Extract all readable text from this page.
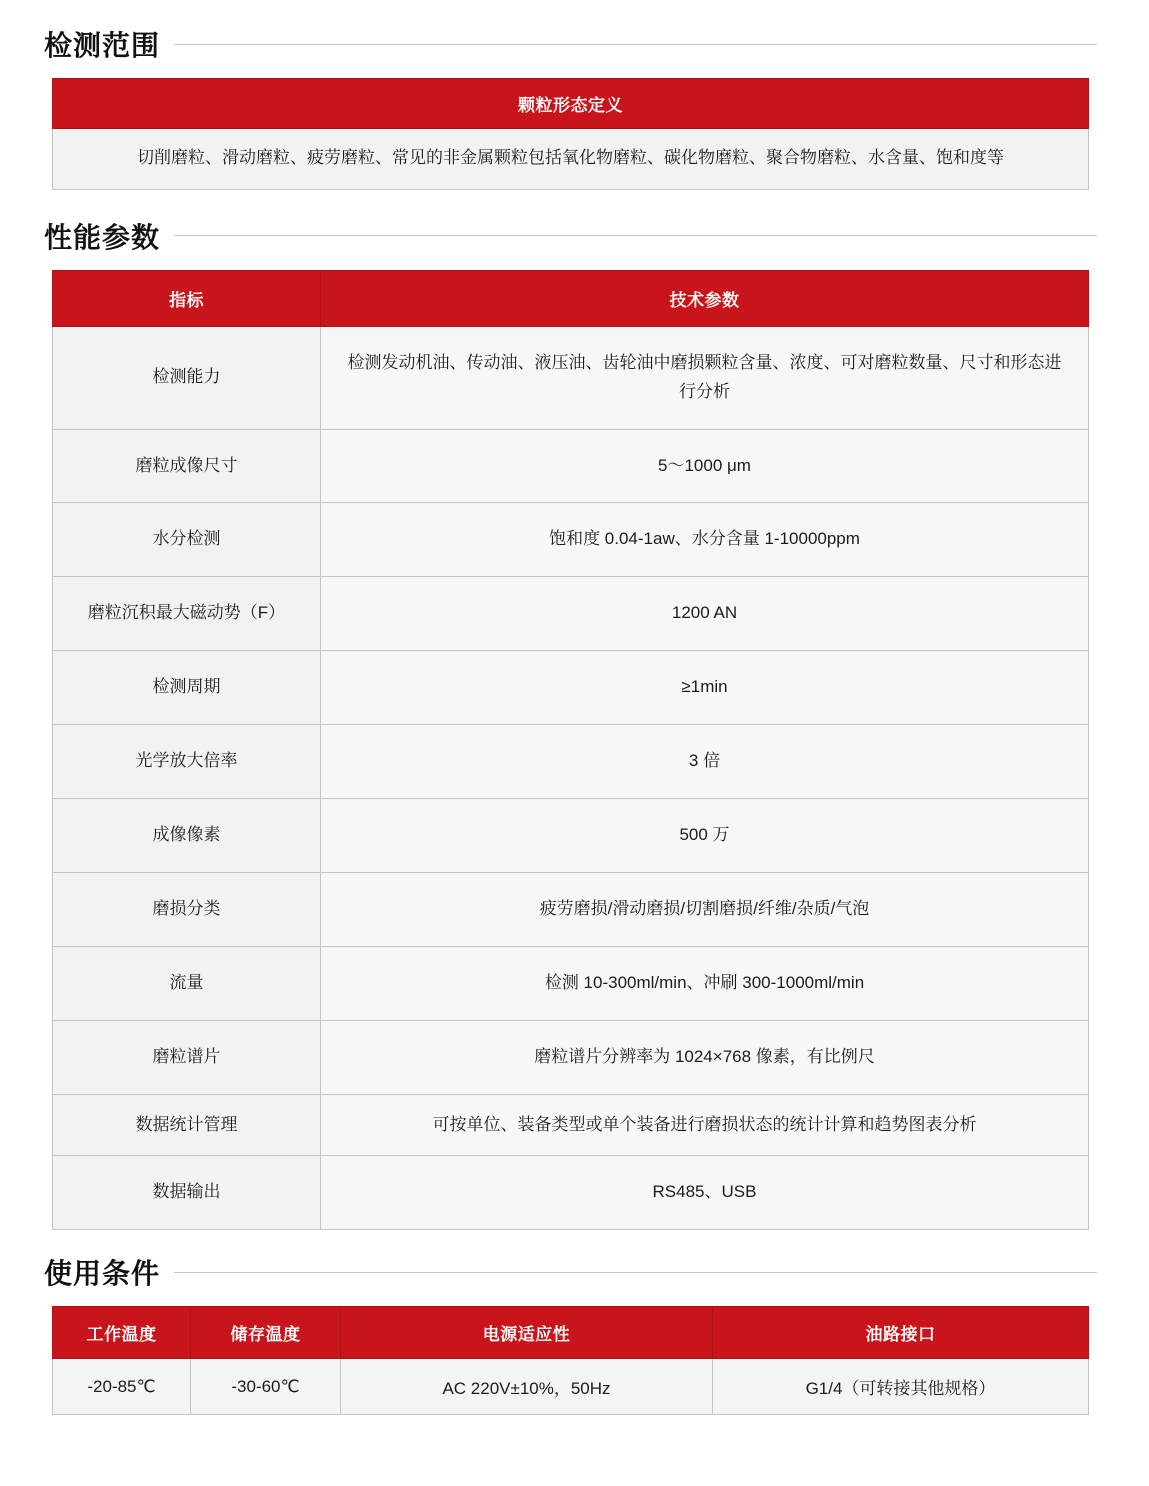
检测范围
颗粒形态定义
切削磨粒、滑动磨粒、疲劳磨粒、常见的非金属颗粒包括氧化物磨粒、碳化物磨粒、聚合物磨粒、水含量、饱和度等
性能参数
指标	技术参数
检测能力	检测发动机油、传动油、液压油、齿轮油中磨损颗粒含量、浓度、可对磨粒数量、尺寸和形态进行分析
磨粒成像尺寸	5～1000 μm
水分检测	饱和度 0.04-1aw、水分含量 1-10000ppm
磨粒沉积最大磁动势（F）	1200 AN
检测周期	≥1min
光学放大倍率	3 倍
成像像素	500 万
磨损分类	疲劳磨损/滑动磨损/切割磨损/纤维/杂质/气泡
流量	检测 10-300ml/min、冲刷 300-1000ml/min
磨粒谱片	磨粒谱片分辨率为 1024×768 像素，有比例尺
数据统计管理	可按单位、装备类型或单个装备进行磨损状态的统计计算和趋势图表分析
数据输出	RS485、USB
使用条件
工作温度	储存温度	电源适应性	油路接口
-20-85℃	-30-60℃	AC 220V±10%，50Hz	G1/4（可转接其他规格）
